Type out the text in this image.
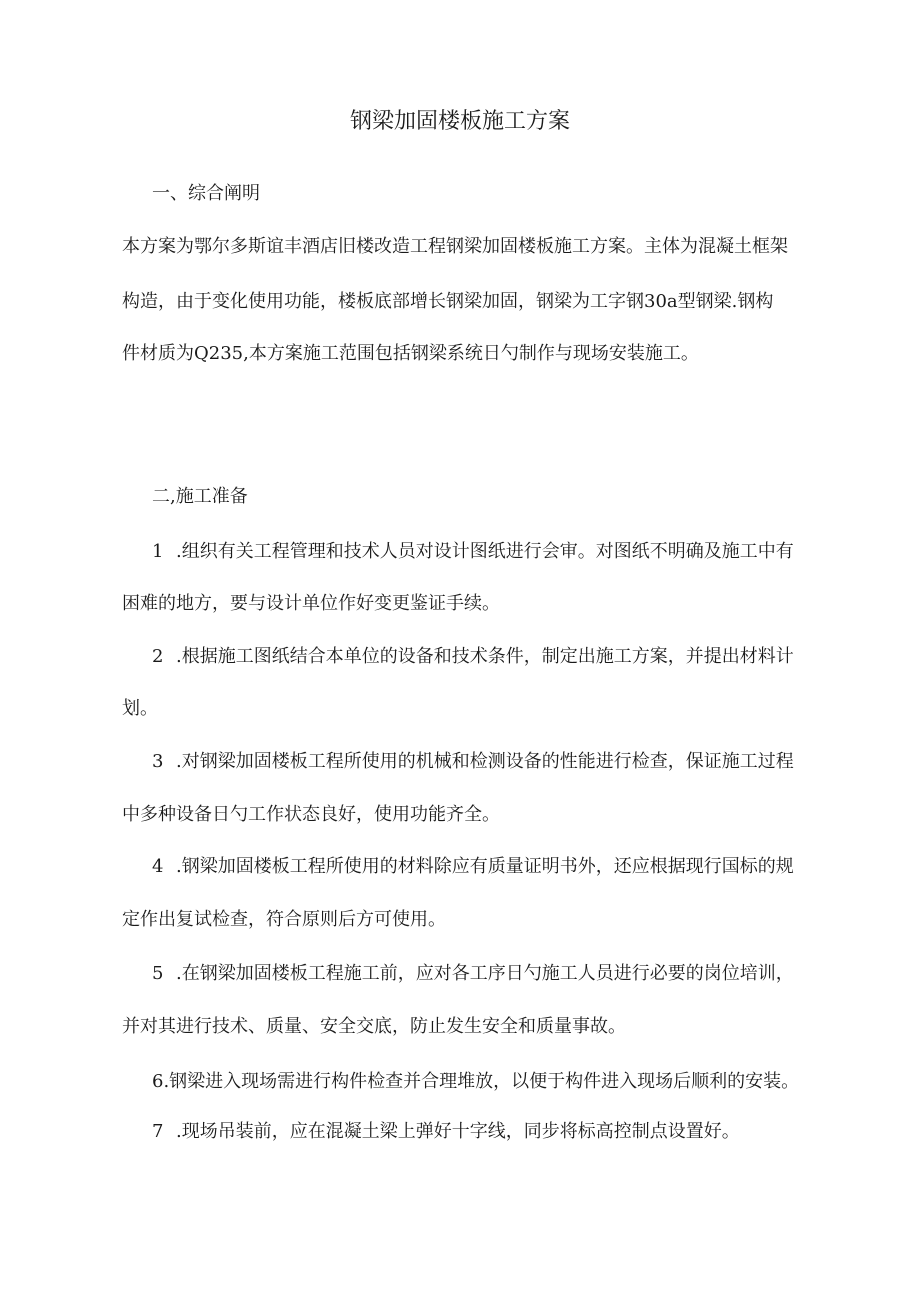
钢梁加固楼板施工方案
一、综合阐明
本方案为鄂尔多斯谊丰酒店旧楼改造工程钢梁加固楼板施工方案。主体为混凝土框架
构造，由于变化使用功能，楼板底部增长钢梁加固，钢梁为工字钢30a型钢梁.钢构
件材质为Q235,本方案施工范围包括钢梁系统日勺制作与现场安装施工。
二,施工准备
1 .组织有关工程管理和技术人员对设计图纸进行会审。对图纸不明确及施工中有
困难的地方，要与设计单位作好变更鉴证手续。
2 .根据施工图纸结合本单位的设备和技术条件，制定出施工方案，并提出材料计
划。
3 .对钢梁加固楼板工程所使用的机械和检测设备的性能进行检查，保证施工过程
中多种设备日勺工作状态良好，使用功能齐全。
4 .钢梁加固楼板工程所使用的材料除应有质量证明书外，还应根据现行国标的规
定作出复试检查，符合原则后方可使用。
5 .在钢梁加固楼板工程施工前，应对各工序日勺施工人员进行必要的岗位培训，
并对其进行技术、质量、安全交底，防止发生安全和质量事故。
6.钢梁进入现场需进行构件检查并合理堆放，以便于构件进入现场后顺利的安装。
7 .现场吊装前，应在混凝土梁上弹好十字线，同步将标高控制点设置好。
